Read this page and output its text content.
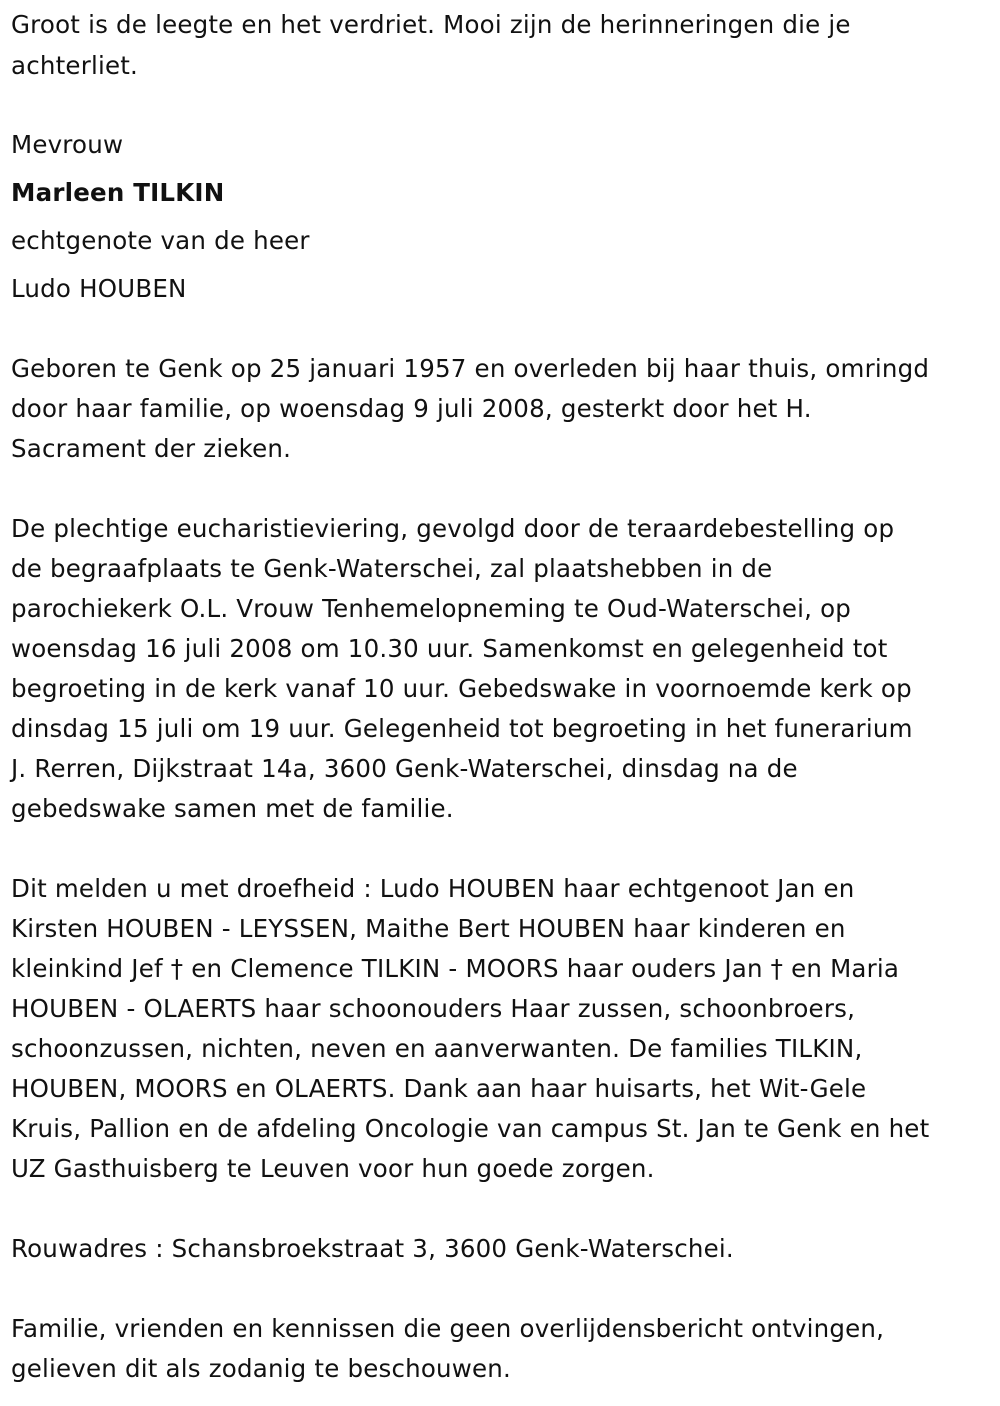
Groot is de leegte en het verdriet. Mooi zijn de herinneringen die je

achterliet.

Mevrouw

Marleen TILKIN

echtgenote van de heer

Ludo HOUBEN

Geboren te Genk op 25 januari 1957 en overleden bij haar thuis, omringd

door haar familie, op woensdag 9 juli 2008, gesterkt door het H.

Sacrament der zieken.

De plechtige eucharistieviering, gevolgd door de teraardebestelling op

de begraafplaats te Genk-Waterschei, zal plaatshebben in de

parochiekerk O.L. Vrouw Tenhemelopneming te Oud-Waterschei, op

woensdag 16 juli 2008 om 10.30 uur. Samenkomst en gelegenheid tot

begroeting in de kerk vanaf 10 uur. Gebedswake in voornoemde kerk op

dinsdag 15 juli om 19 uur. Gelegenheid tot begroeting in het funerarium

J. Rerren, Dijkstraat 14a, 3600 Genk-Waterschei, dinsdag na de

gebedswake samen met de familie.

Dit melden u met droefheid : Ludo HOUBEN haar echtgenoot Jan en

Kirsten HOUBEN - LEYSSEN, Maithe Bert HOUBEN haar kinderen en

kleinkind Jef † en Clemence TILKIN - MOORS haar ouders Jan † en Maria

HOUBEN - OLAERTS haar schoonouders Haar zussen, schoonbroers,

schoonzussen, nichten, neven en aanverwanten. De families TILKIN,

HOUBEN, MOORS en OLAERTS. Dank aan haar huisarts, het Wit-Gele

Kruis, Pallion en de afdeling Oncologie van campus St. Jan te Genk en het

UZ Gasthuisberg te Leuven voor hun goede zorgen.

Rouwadres : Schansbroekstraat 3, 3600 Genk-Waterschei.

Familie, vrienden en kennissen die geen overlijdensbericht ontvingen,

gelieven dit als zodanig te beschouwen.
